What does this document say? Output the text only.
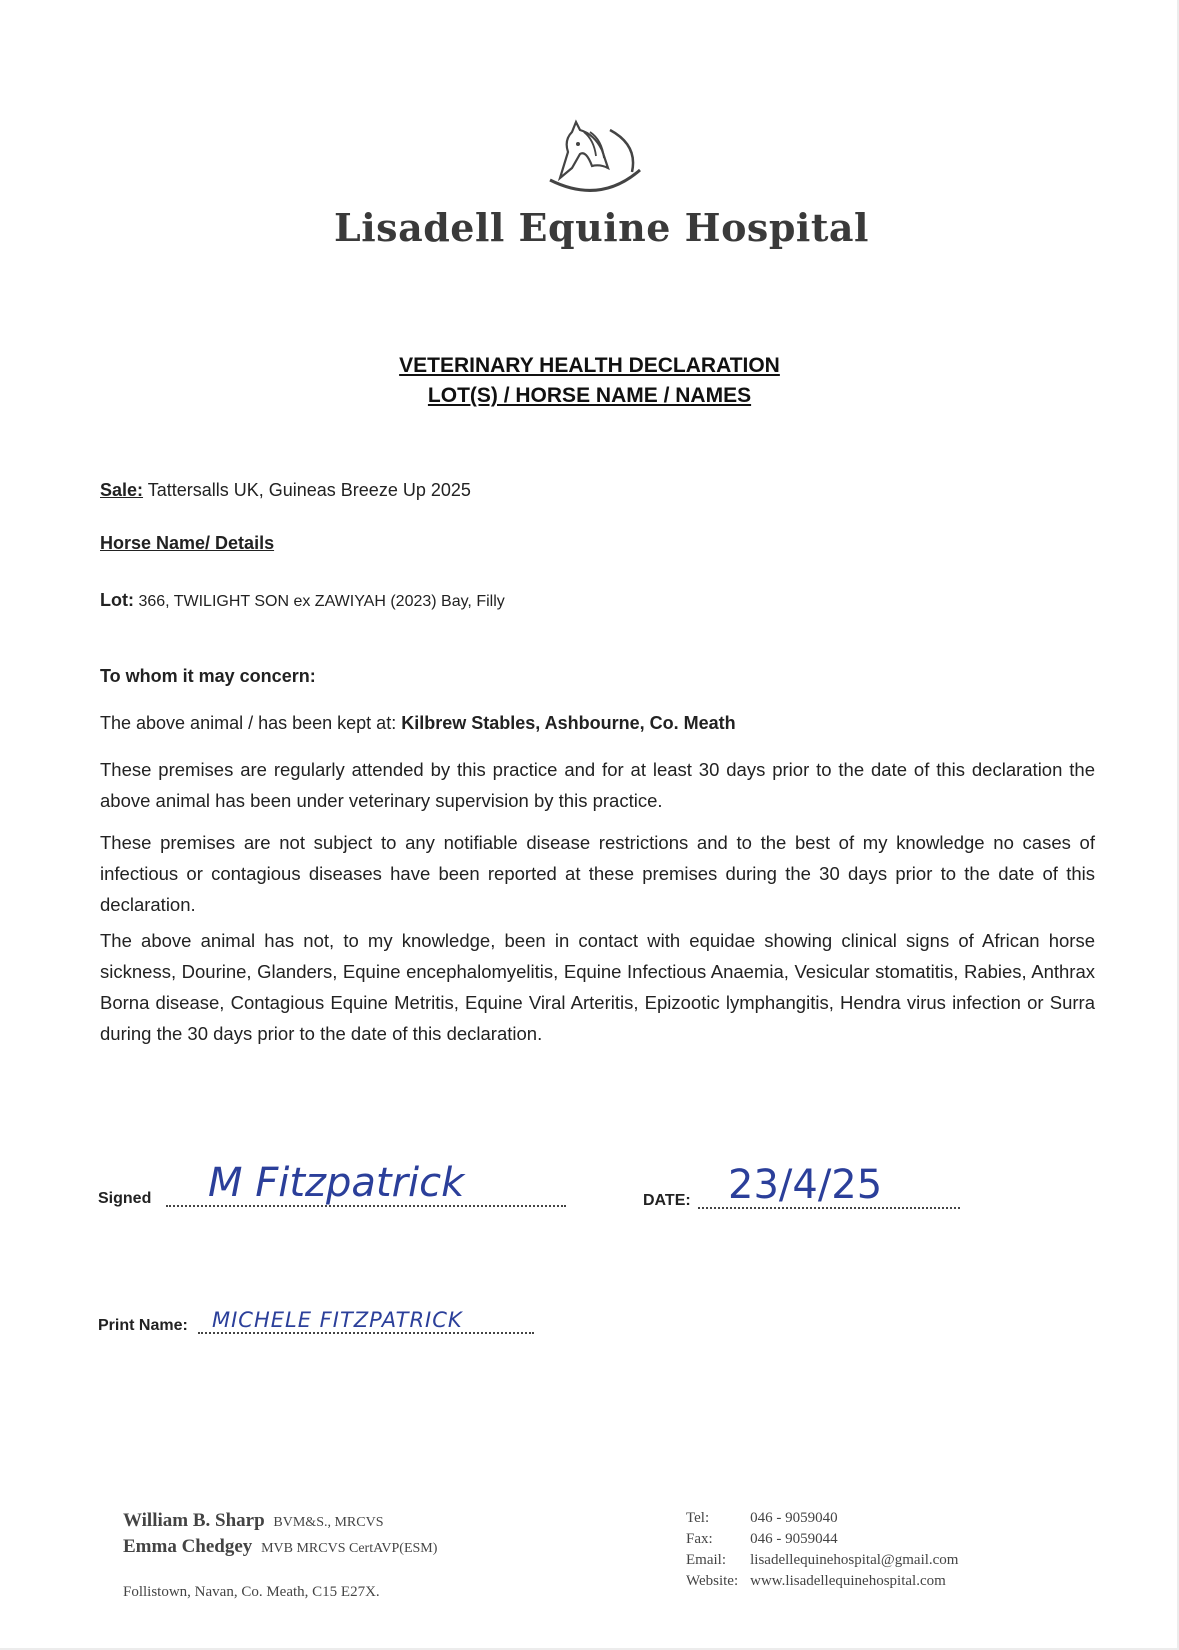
Lisadell Equine Hospital
VETERINARY HEALTH DECLARATION
LOT(S) / HORSE NAME / NAMES
Sale: Tattersalls UK, Guineas Breeze Up 2025
Horse Name/ Details
Lot: 366, TWILIGHT SON ex ZAWIYAH (2023) Bay, Filly
To whom it may concern:
The above animal / has been kept at: Kilbrew Stables, Ashbourne, Co. Meath

These premises are regularly attended by this practice and for at least 30 days prior to the date of this declaration the above animal has been under veterinary supervision by this practice.

These premises are not subject to any notifiable disease restrictions and to the best of my knowledge no cases of infectious or contagious diseases have been reported at these premises during the 30 days prior to the date of this declaration.

The above animal has not, to my knowledge, been in contact with equidae showing clinical signs of African horse sickness, Dourine, Glanders, Equine encephalomyelitis, Equine Infectious Anaemia, Vesicular stomatitis, Rabies, Anthrax Borna disease, Contagious Equine Metritis, Equine Viral Arteritis, Epizootic lymphangitis, Hendra virus infection or Surra during the 30 days prior to the date of this declaration.

Signed M Fitzpatrick	DATE: 23/4/25
Print Name: MICHELE FITZPATRICK
William B. Sharp BVM&S., MRCVS
Emma Chedgey MVB MRCVS CertAVP(ESM)
Follistown, Navan, Co. Meath, C15 E27X.
Tel:	046 - 9059040
Fax:	046 - 9059044
Email:	lisadellequinehospital@gmail.com
Website:	www.lisadellequinehospital.com
